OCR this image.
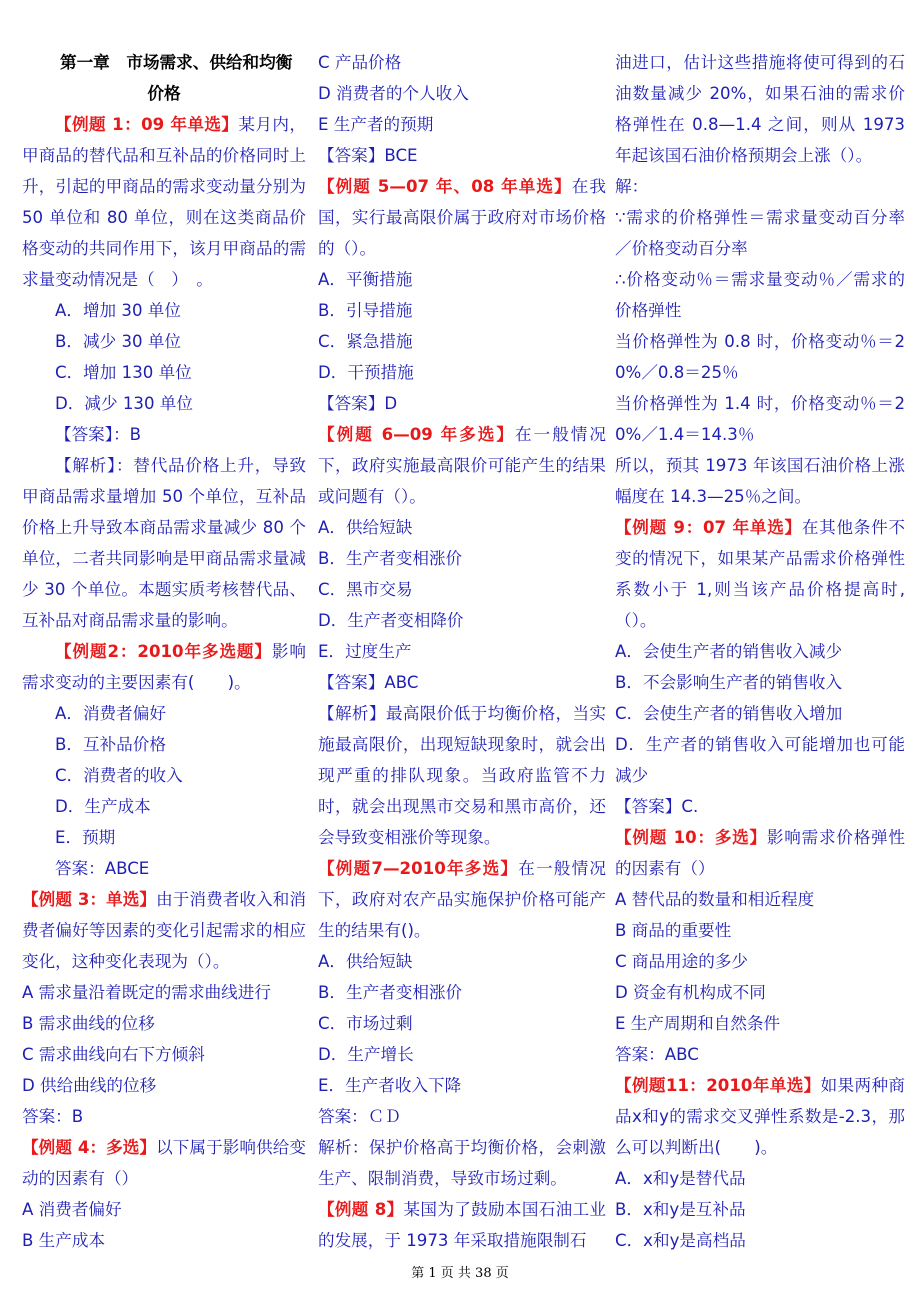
第一章　市场需求、供给和均衡

价格

【例题 1：09 年单选】某月内，甲商品的替代品和互补品的价格同时上升，引起的甲商品的需求变动量分别为 50 单位和 80 单位，则在这类商品价格变动的共同作用下，该月甲商品的需求量变动情况是（　）　。

A．增加 30 单位

B．减少 30 单位

C．增加 130 单位

D．减少 130 单位

【答案】：B

【解析】：替代品价格上升，导致甲商品需求量增加 50 个单位，互补品价格上升导致本商品需求量减少 80 个单位，二者共同影响是甲商品需求量减少 30 个单位。本题实质考核替代品、互补品对商品需求量的影响。

【例题2：2010年多选题】影响需求变动的主要因素有(　　)。

A．消费者偏好

B．互补品价格

C．消费者的收入

D．生产成本

E．预期

答案：ABCE

【例题 3：单选】由于消费者收入和消费者偏好等因素的变化引起需求的相应变化，这种变化表现为（）。

A 需求量沿着既定的需求曲线进行

B 需求曲线的位移

C 需求曲线向右下方倾斜

D 供给曲线的位移

答案：B

【例题 4：多选】以下属于影响供给变动的因素有（）

A 消费者偏好

B 生产成本

C 产品价格

D 消费者的个人收入

E 生产者的预期

【答案】BCE

【例题 5—07 年、08 年单选】在我国，实行最高限价属于政府对市场价格的（）。

A．平衡措施

B．引导措施

C．紧急措施

D．干预措施

【答案】D

【例题 6—09 年多选】在一般情况下，政府实施最高限价可能产生的结果或问题有（）。

A．供给短缺

B．生产者变相涨价

C．黑市交易

D．生产者变相降价

E．过度生产

【答案】ABC

【解析】最高限价低于均衡价格，当实施最高限价，出现短缺现象时，就会出现严重的排队现象。当政府监管不力时，就会出现黑市交易和黑市高价，还会导致变相涨价等现象。

【例题7—2010年多选】在一般情况下，政府对农产品实施保护价格可能产生的结果有()。

A．供给短缺

B．生产者变相涨价

C．市场过剩

D．生产增长

E．生产者收入下降

答案：ＣＤ

解析：保护价格高于均衡价格，会刺激生产、限制消费，导致市场过剩。

【例题 8】某国为了鼓励本国石油工业的发展，于 1973 年采取措施限制石

油进口，估计这些措施将使可得到的石油数量减少 20%，如果石油的需求价格弹性在 0.8—1.4 之间，则从 1973 年起该国石油价格预期会上涨（）。

解：

∵需求的价格弹性＝需求量变动百分率／价格变动百分率

∴价格变动％＝需求量变动％／需求的价格弹性

当价格弹性为 0.8 时，价格变动％＝20%／0.8＝25％

当价格弹性为 1.4 时，价格变动％＝20%／1.4＝14.3％

所以，预其 1973 年该国石油价格上涨幅度在 14.3—25％之间。

【例题 9：07 年单选】在其他条件不变的情况下，如果某产品需求价格弹性系数小于 1,则当该产品价格提高时,（）。

A．会使生产者的销售收入减少

B．不会影响生产者的销售收入

C．会使生产者的销售收入增加

D．生产者的销售收入可能增加也可能减少

【答案】C.

【例题 10：多选】影响需求价格弹性的因素有（）

A 替代品的数量和相近程度

B 商品的重要性

C 商品用途的多少

D 资金有机构成不同

E 生产周期和自然条件

答案：ABC

【例题11：2010年单选】如果两种商品x和y的需求交叉弹性系数是-2.3，那么可以判断出(　　)。

A．x和y是替代品

B．x和y是互补品

C．x和y是高档品

第 1 页 共 38 页
